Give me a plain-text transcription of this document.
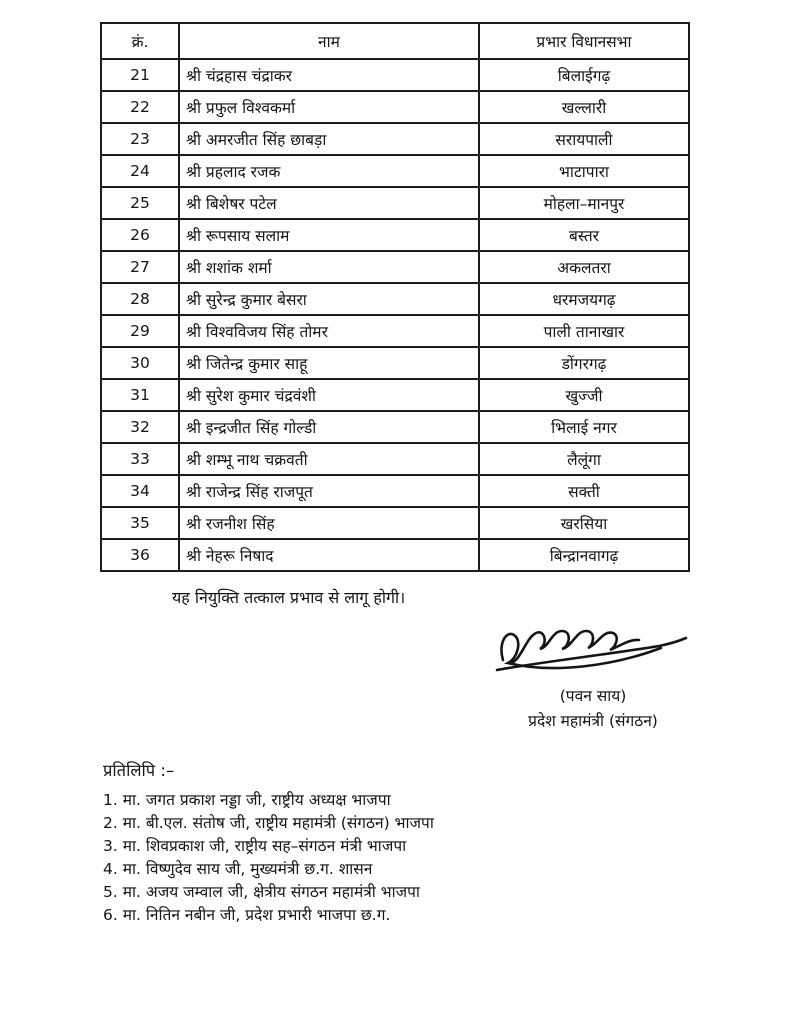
क्रं.	नाम	प्रभार विधानसभा
21	श्री चंद्रहास चंद्राकर	बिलाईगढ़
22	श्री प्रफुल विश्वकर्मा	खल्लारी
23	श्री अमरजीत सिंह छाबड़ा	सरायपाली
24	श्री प्रहलाद रजक	भाटापारा
25	श्री बिशेषर पटेल	मोहला–मानपुर
26	श्री रूपसाय सलाम	बस्तर
27	श्री शशांक शर्मा	अकलतरा
28	श्री सुरेन्द्र कुमार बेसरा	धरमजयगढ़
29	श्री विश्वविजय सिंह तोमर	पाली तानाखार
30	श्री जितेन्द्र कुमार साहू	डोंगरगढ़
31	श्री सुरेश कुमार चंद्रवंशी	खुज्जी
32	श्री इन्द्रजीत सिंह गोल्डी	भिलाई नगर
33	श्री शम्भू नाथ चक्रवती	लैलूंगा
34	श्री राजेन्द्र सिंह राजपूत	सक्ती
35	श्री रजनीश सिंह	खरसिया
36	श्री नेहरू निषाद	बिन्द्रानवागढ़
यह नियुक्ति तत्काल प्रभाव से लागू होगी।
(पवन साय)
प्रदेश महामंत्री (संगठन)
प्रतिलिपि :–
1. मा. जगत प्रकाश नड्डा जी, राष्ट्रीय अध्यक्ष भाजपा
2. मा. बी.एल. संतोष जी, राष्ट्रीय महामंत्री (संगठन) भाजपा
3. मा. शिवप्रकाश जी, राष्ट्रीय सह–संगठन मंत्री भाजपा
4. मा. विष्णुदेव साय जी, मुख्यमंत्री छ.ग. शासन
5. मा. अजय जम्वाल जी, क्षेत्रीय संगठन महामंत्री भाजपा
6. मा. नितिन नबीन जी, प्रदेश प्रभारी भाजपा छ.ग.
